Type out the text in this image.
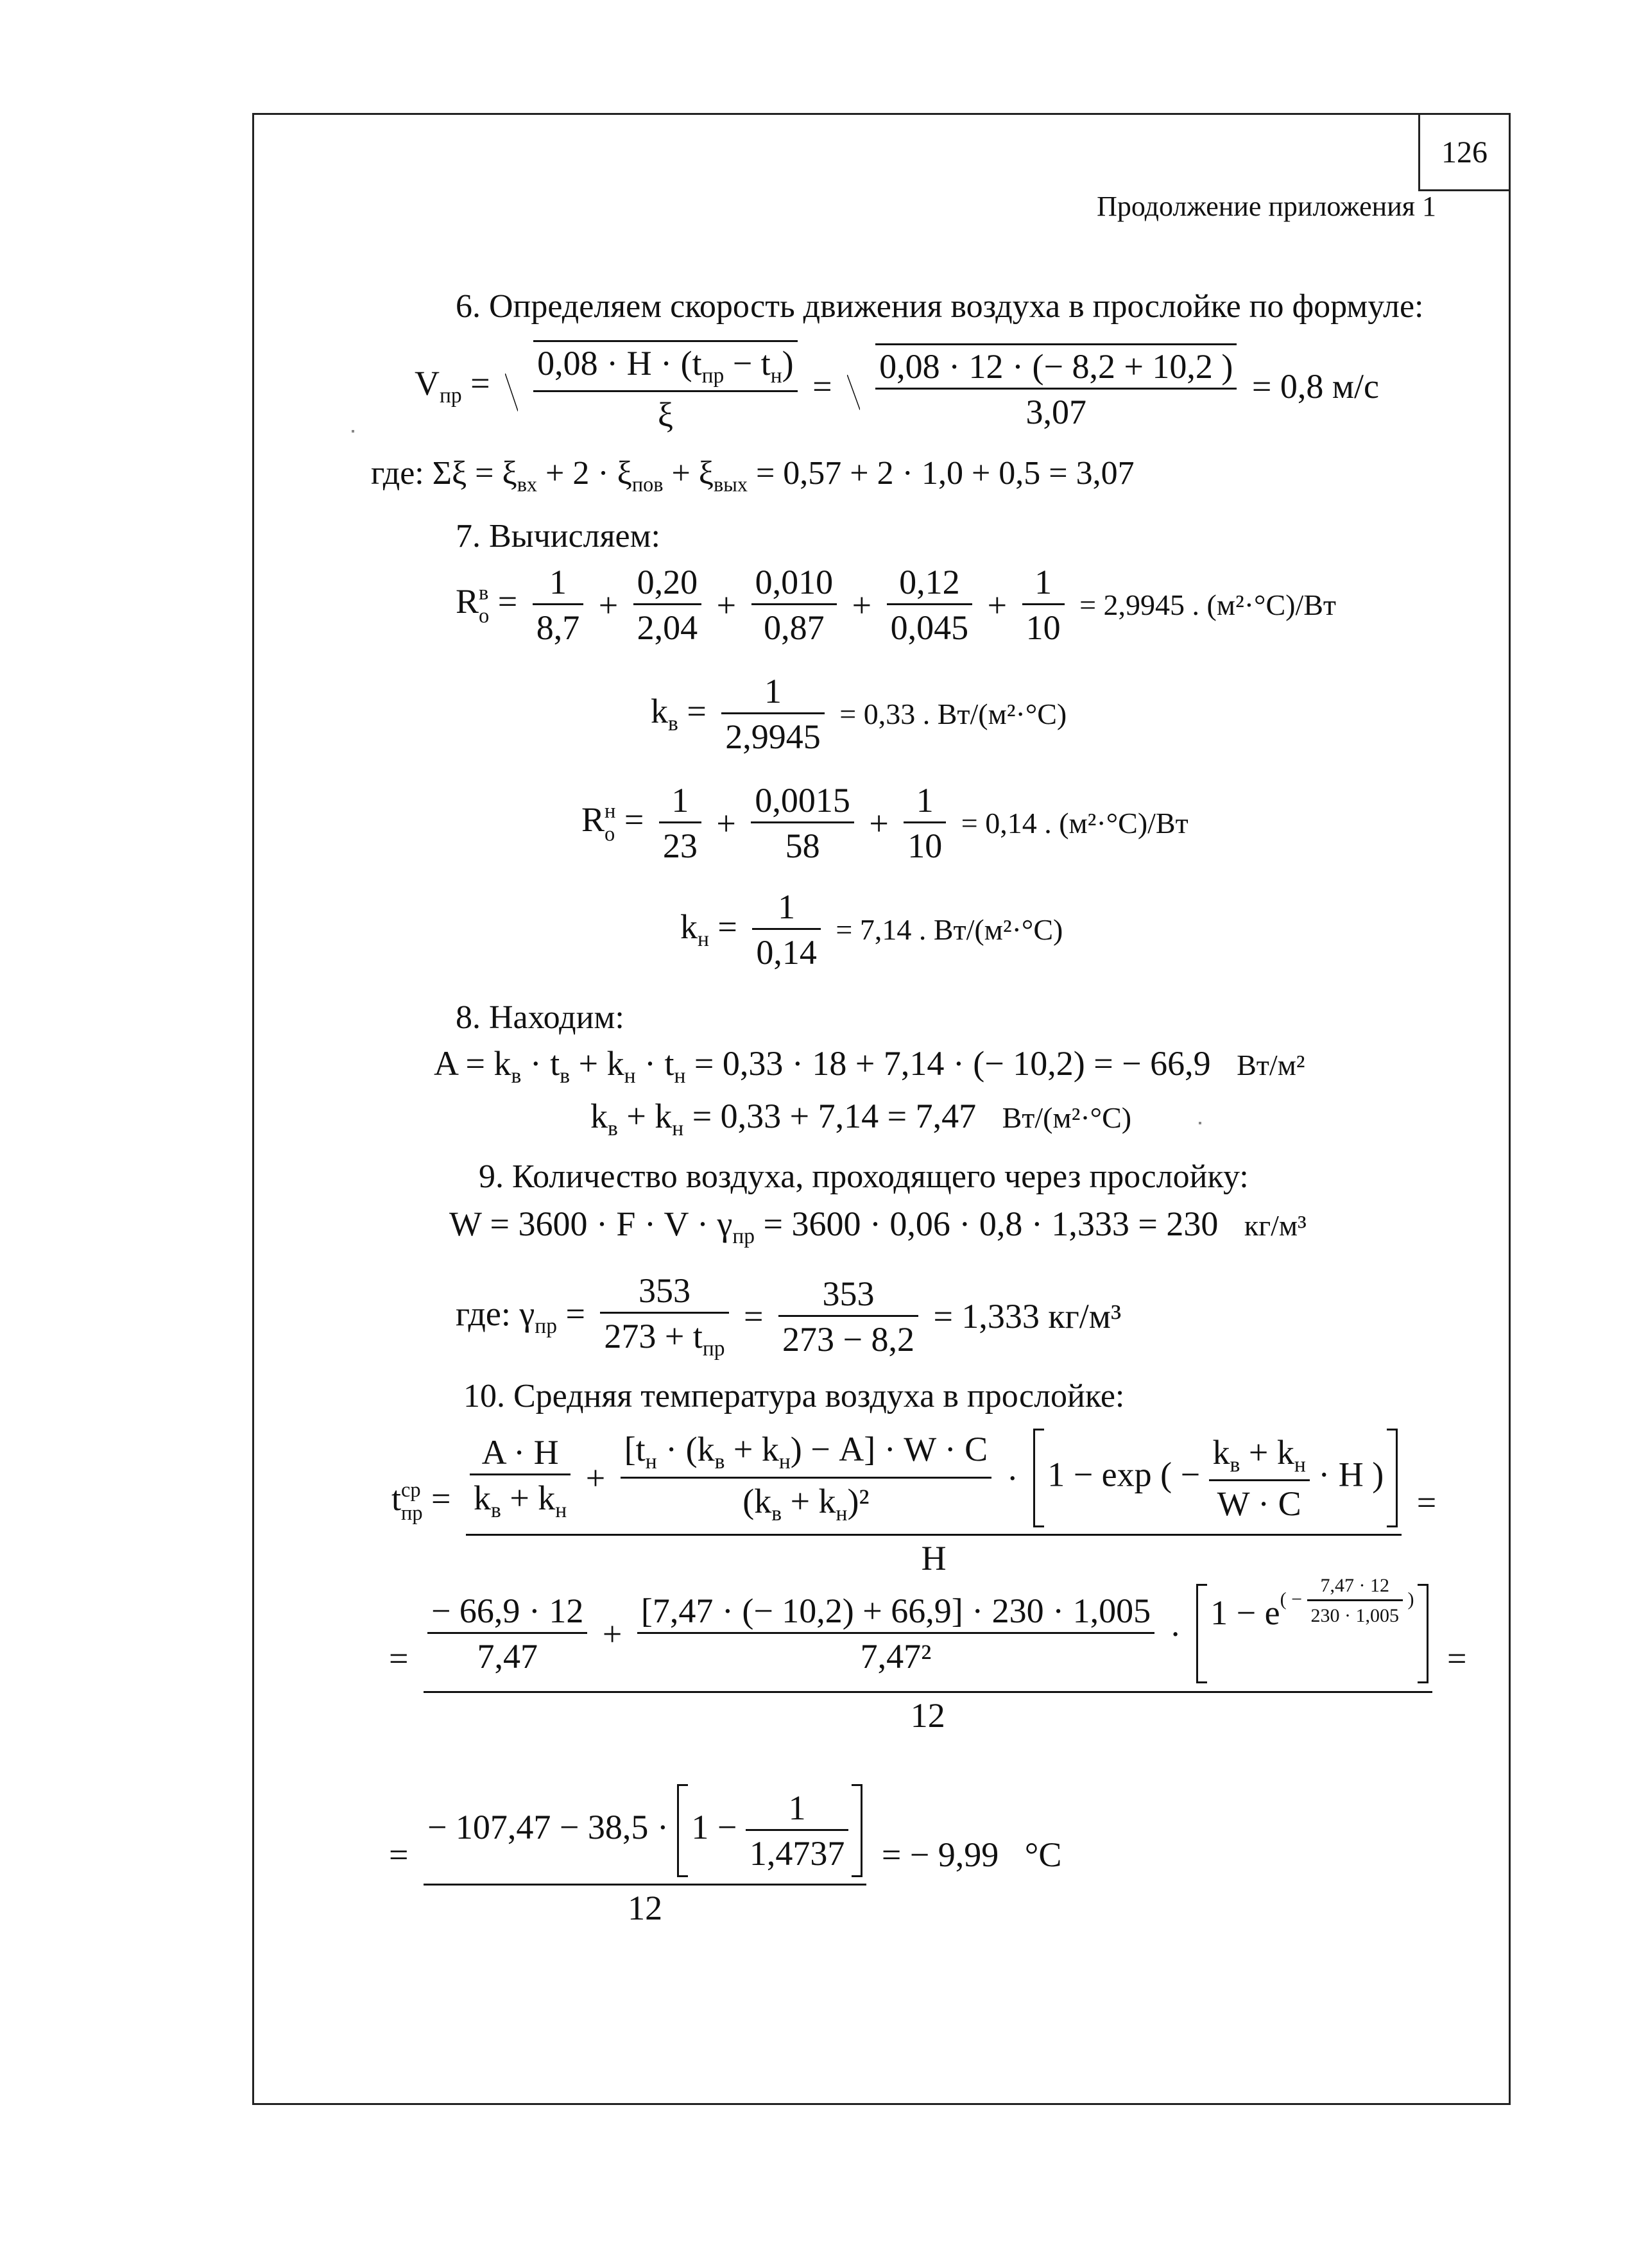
126
Продолжение приложения 1
6. Определяем скорость движения воздуха в прослойке по формуле:
$V_{пр} = \frac{0,08 \cdot H \cdot (t_{пр} - t_н)}{\xi} = \frac{0,08 \cdot 12 \cdot (- 8,2 + 10,2 )}{3,07} = 0,8$ м/с
где: $\Sigma\xi = \xi_{вх} + 2 \cdot \xi_{пов} + \xi_{вых} = 0,57 + 2 \cdot 1,0 + 0,5 = 3,07$
7. Вычисляем:
R в
$о = \frac{1}{8,7} + \frac{0,20}{2,04} + \frac{0,010}{0,87} + \frac{0,12}{0,045} + \frac{1}{10} = 2,9945$ . (м²·°С)/Вт
$k_в = \frac{1}{2,9945} = 0,33$ . Вт/(м²·°С)
R н
$о = \frac{1}{23} + \frac{0,0015}{58} + \frac{1}{10} = 0,14$ . (м²·°С)/Вт
$k_н = \frac{1}{0,14} = 7,14$ . Вт/(м²·°С)
8. Находим:
$A = k_в \cdot t_в + k_н \cdot t_н = 0,33 \cdot 18 + 7,14$ · (− 10,2) = − 66,9 Вт/м²
$k_в + k_н = 0,33 + 7,14 = 7,47$ Вт/(м²·°С)
9. Количество воздуха, проходящего через прослойку:
$W = 3600 \cdot F \cdot V \cdot \gamma_{пр} = 3600 \cdot 0,06 \cdot 0,8 \cdot 1,333 = 230$ кг/м³
где: $\gamma_{пр} = \frac{353}{273 + t_{пр}} = \frac{353}{273 - 8,2} = 1,333$ кг/м³
10. Средняя температура воздуха в прослойке:
t ср
пр = $\frac{A \cdot H}{k_в + k_н} + \frac{[t_н \cdot (k_в + k_н) - A] \cdot W \cdot C}{(k_в + k_н)^2} \cdot 1 - \exp$ ( − $\frac{k_в + k_н}{W \cdot C} \cdot H$ )
H
=
= $\frac{- 66,9 \cdot 12}{7,47} + \frac{[7,47 \cdot (- 10,2) + 66,9] \cdot 230 \cdot 1,005}{\text{7,47²}} \cdot 1 - e( - \frac{7,47 \cdot 12}{230 \cdot 1,005}$ )
12
=
= $\frac{- 107,47 - 38,5 \cdot 1 - \frac{1}{1,4737}}{12}$ = − 9,99 °С
